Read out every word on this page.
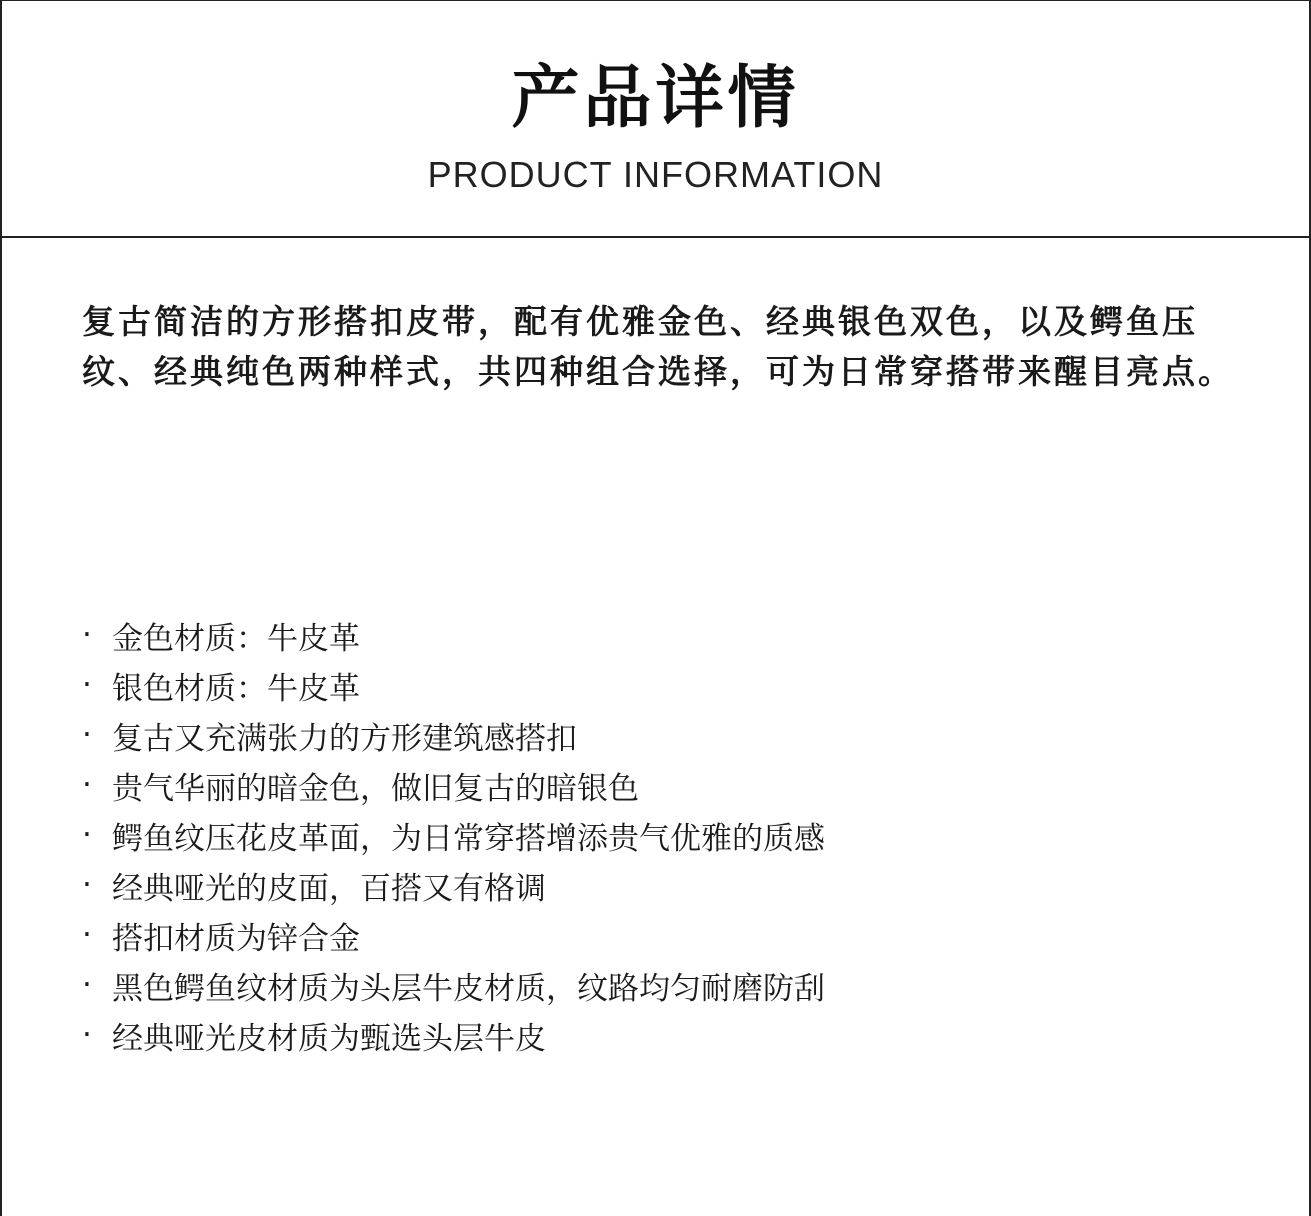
产品详情
PRODUCT INFORMATION

复古简洁的方形搭扣皮带，配有优雅金色、经典银色双色，以及鳄鱼压纹、经典纯色两种样式，共四种组合选择，可为日常穿搭带来醒目亮点。

· 金色材质：牛皮革
· 银色材质：牛皮革
· 复古又充满张力的方形建筑感搭扣
· 贵气华丽的暗金色，做旧复古的暗银色
· 鳄鱼纹压花皮革面，为日常穿搭增添贵气优雅的质感
· 经典哑光的皮面，百搭又有格调
· 搭扣材质为锌合金
· 黑色鳄鱼纹材质为头层牛皮材质，纹路均匀耐磨防刮
· 经典哑光皮材质为甄选头层牛皮
